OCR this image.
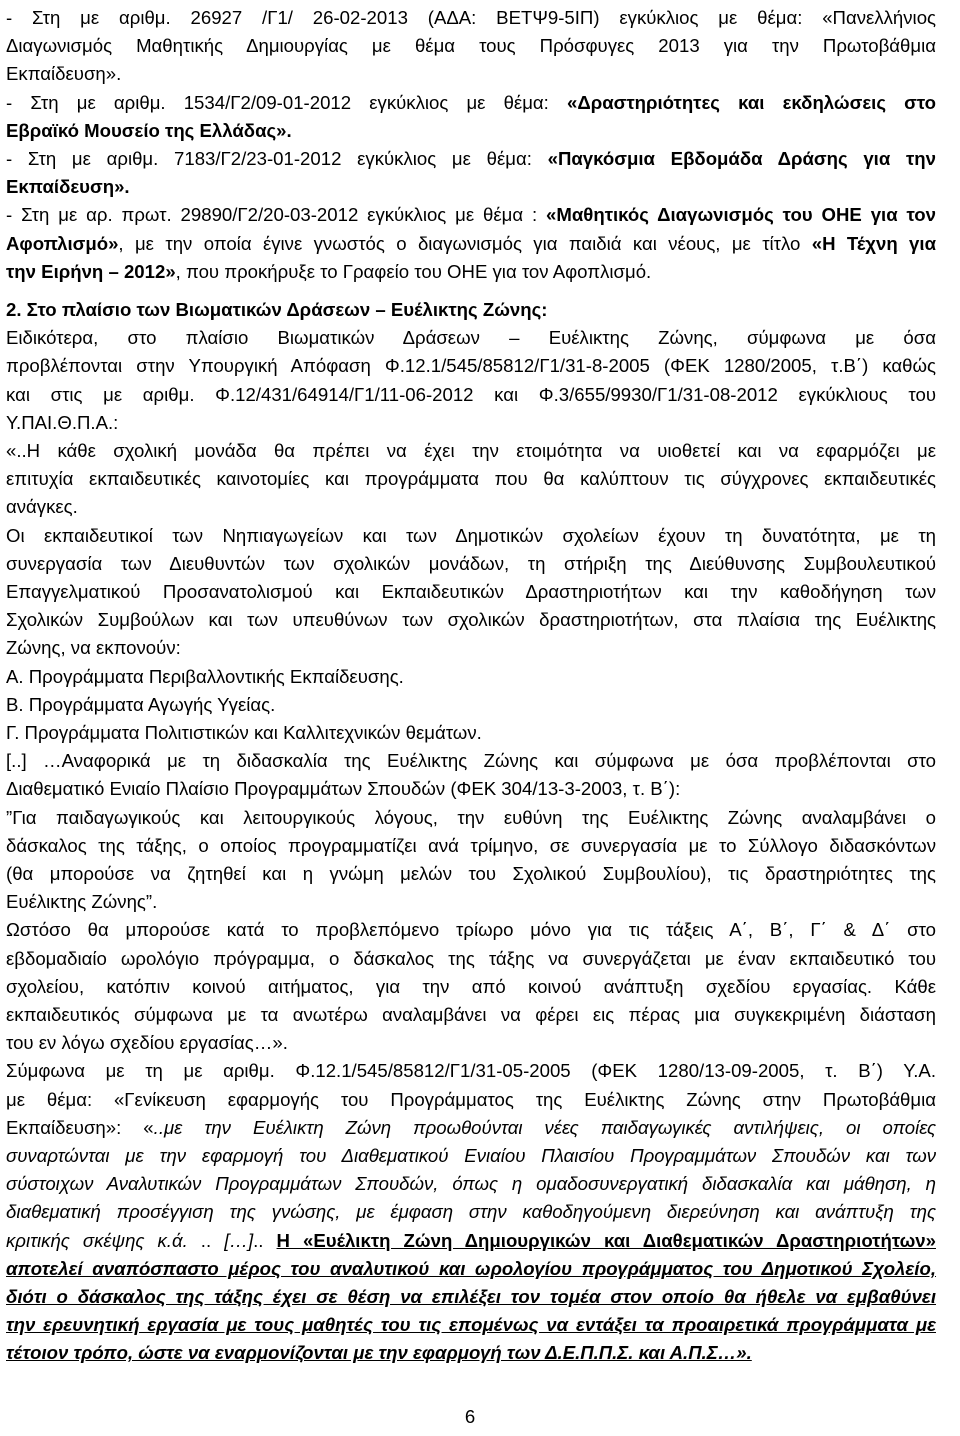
6
- Στη με αριθμ. 26927 /Γ1/ 26-02-2013 (ΑΔΑ: ΒΕΤΨ9-5ΙΠ) εγκύκλιος με θέμα: «Πανελλήνιος
Διαγωνισμός Μαθητικής Δημιουργίας με θέμα τους Πρόσφυγες 2013 για την Πρωτοβάθμια
Εκπαίδευση».
- Στη με αριθμ. 1534/Γ2/09-01-2012 εγκύκλιος με θέμα: «Δραστηριότητες και εκδηλώσεις στο
Εβραϊκό Μουσείο της Ελλάδας».
- Στη με αριθμ. 7183/Γ2/23-01-2012 εγκύκλιος με θέμα: «Παγκόσμια Εβδομάδα Δράσης για την
Εκπαίδευση».
- Στη με αρ. πρωτ. 29890/Γ2/20-03-2012 εγκύκλιος με θέμα : «Μαθητικός Διαγωνισμός του ΟΗΕ για τον
Αφοπλισμό», με την οποία έγινε γνωστός ο διαγωνισμός για παιδιά και νέους, με τίτλο «Η Τέχνη για
την Ειρήνη – 2012», που προκήρυξε το Γραφείο του ΟΗΕ για τον Αφοπλισμό.
2. Στο πλαίσιο των Βιωματικών Δράσεων – Ευέλικτης Ζώνης:
Ειδικότερα, στο πλαίσιο Βιωματικών Δράσεων – Ευέλικτης Ζώνης, σύμφωνα με όσα
προβλέπονται στην Υπουργική Απόφαση Φ.12.1/545/85812/Γ1/31-8-2005 (ΦΕΚ 1280/2005, τ.Β΄) καθώς
και στις με αριθμ. Φ.12/431/64914/Γ1/11-06-2012 και Φ.3/655/9930/Γ1/31-08-2012 εγκύκλιους του
Υ.ΠΑΙ.Θ.Π.Α.:
«..Η κάθε σχολική μονάδα θα πρέπει να έχει την ετοιμότητα να υιοθετεί και να εφαρμόζει με
επιτυχία εκπαιδευτικές καινοτομίες και προγράμματα που θα καλύπτουν τις σύγχρονες εκπαιδευτικές
ανάγκες.
Οι εκπαιδευτικοί των Νηπιαγωγείων και των Δημοτικών σχολείων έχουν τη δυνατότητα, με τη
συνεργασία των Διευθυντών των σχολικών μονάδων, τη στήριξη της Διεύθυνσης Συμβουλευτικού
Επαγγελματικού Προσανατολισμού και Εκπαιδευτικών Δραστηριοτήτων και την καθοδήγηση των
Σχολικών Συμβούλων και των υπευθύνων των σχολικών δραστηριοτήτων, στα πλαίσια της Ευέλικτης
Ζώνης, να εκπονούν:
Α. Προγράμματα Περιβαλλοντικής Εκπαίδευσης.
Β. Προγράμματα Αγωγής Υγείας.
Γ. Προγράμματα Πολιτιστικών και Καλλιτεχνικών θεμάτων.
[..] …Αναφορικά με τη διδασκαλία της Ευέλικτης Ζώνης και σύμφωνα με όσα προβλέπονται στο
Διαθεματικό Ενιαίο Πλαίσιο Προγραμμάτων Σπουδών (ΦΕΚ 304/13-3-2003, τ. Β΄):
”Για παιδαγωγικούς και λειτουργικούς λόγους, την ευθύνη της Ευέλικτης Ζώνης αναλαμβάνει ο
δάσκαλος της τάξης, ο οποίος προγραμματίζει ανά τρίμηνο, σε συνεργασία με το Σύλλογο διδασκόντων
(θα μπορούσε να ζητηθεί και η γνώμη μελών του Σχολικού Συμβουλίου), τις δραστηριότητες της
Ευέλικτης Ζώνης”.
Ωστόσο θα μπορούσε κατά το προβλεπόμενο τρίωρο μόνο για τις τάξεις Α΄, Β΄, Γ΄ & Δ΄ στο
εβδομαδιαίο ωρολόγιο πρόγραμμα, ο δάσκαλος της τάξης να συνεργάζεται με έναν εκπαιδευτικό του
σχολείου, κατόπιν κοινού αιτήματος, για την από κοινού ανάπτυξη σχεδίου εργασίας. Κάθε
εκπαιδευτικός σύμφωνα με τα ανωτέρω αναλαμβάνει να φέρει εις πέρας μια συγκεκριμένη διάσταση
του εν λόγω σχεδίου εργασίας…».
Σύμφωνα με τη με αριθμ. Φ.12.1/545/85812/Γ1/31-05-2005 (ΦΕΚ 1280/13-09-2005, τ. Β΄) Υ.Α.
με θέμα: «Γενίκευση εφαρμογής του Προγράμματος της Ευέλικτης Ζώνης στην Πρωτοβάθμια
Εκπαίδευση»: «..με την Ευέλικτη Ζώνη προωθούνται νέες παιδαγωγικές αντιλήψεις, οι οποίες
συναρτώνται με την εφαρμογή του Διαθεματικού Ενιαίου Πλαισίου Προγραμμάτων Σπουδών και των
σύστοιχων Αναλυτικών Προγραμμάτων Σπουδών, όπως η ομαδοσυνεργατική διδασκαλία και μάθηση, η
διαθεματική προσέγγιση της γνώσης, με έμφαση στην καθοδηγούμενη διερεύνηση και ανάπτυξη της
κριτικής σκέψης κ.ά. .. […].. Η «Ευέλικτη Ζώνη Δημιουργικών και Διαθεματικών Δραστηριοτήτων»
αποτελεί αναπόσπαστο μέρος του αναλυτικού και ωρολογίου προγράμματος του Δημοτικού Σχολείο,
διότι ο δάσκαλος της τάξης έχει σε θέση να επιλέξει τον τομέα στον οποίο θα ήθελε να εμβαθύνει
την ερευνητική εργασία με τους μαθητές του τις επομένως να εντάξει τα προαιρετικά προγράμματα με
τέτοιον τρόπο, ώστε να εναρμονίζονται με την εφαρμογή των Δ.Ε.Π.Π.Σ. και Α.Π.Σ…».
